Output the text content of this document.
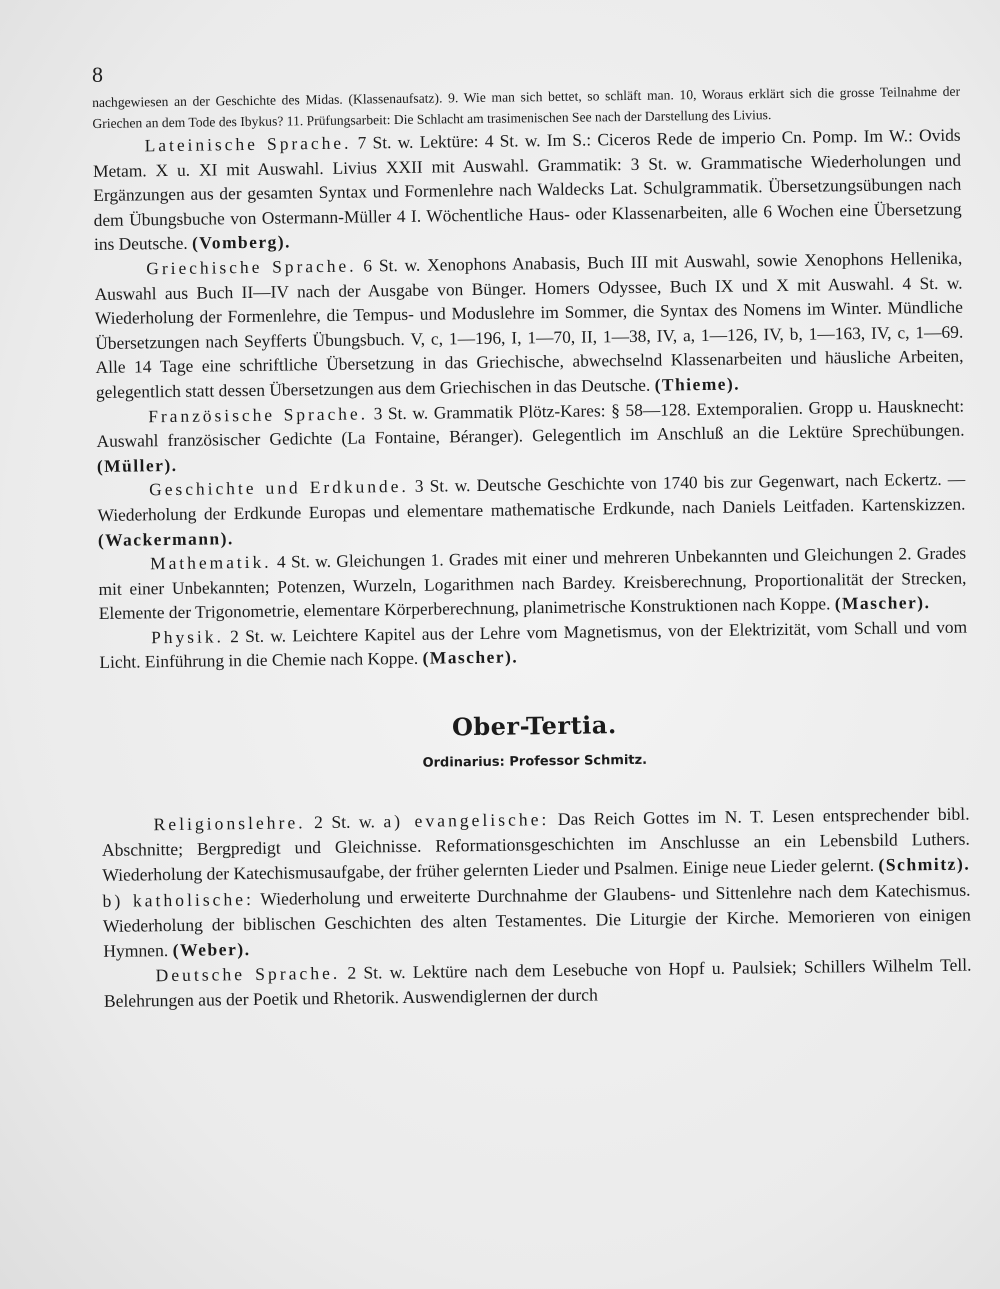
8

nachgewiesen an der Geschichte des Midas. (Klassenaufsatz). 9. Wie man sich bettet, so schläft man. 10, Woraus erklärt sich die grosse Teilnahme der Griechen an dem Tode des Ibykus? 11. Prüfungsarbeit: Die Schlacht am trasimenischen See nach der Darstellung des Livius.

Lateinische Sprache. 7 St. w. Lektüre: 4 St. w. Im S.: Ciceros Rede de imperio Cn. Pomp. Im W.: Ovids Metam. X u. XI mit Auswahl. Livius XXII mit Auswahl. Grammatik: 3 St. w. Grammatische Wiederholungen und Ergänzungen aus der gesamten Syntax und Formenlehre nach Waldecks Lat. Schulgrammatik. Übersetzungsübungen nach dem Übungsbuche von Ostermann-Müller 4 I. Wöchentliche Haus- oder Klassenarbeiten, alle 6 Wochen eine Übersetzung ins Deutsche. (Vomberg).

Griechische Sprache. 6 St. w. Xenophons Anabasis, Buch III mit Auswahl, sowie Xenophons Hellenika, Auswahl aus Buch II—IV nach der Ausgabe von Bünger. Homers Odyssee, Buch IX und X mit Auswahl. 4 St. w. Wiederholung der Formenlehre, die Tempus- und Moduslehre im Sommer, die Syntax des Nomens im Winter. Mündliche Übersetzungen nach Seyfferts Übungsbuch. V, c, 1—196, I, 1—70, II, 1—38, IV, a, 1—126, IV, b, 1—163, IV, c, 1—69. Alle 14 Tage eine schriftliche Übersetzung in das Griechische, abwechselnd Klassenarbeiten und häusliche Arbeiten, gelegentlich statt dessen Übersetzungen aus dem Griechischen in das Deutsche. (Thieme).

Französische Sprache. 3 St. w. Grammatik Plötz-Kares: § 58—128. Extemporalien. Gropp u. Hausknecht: Auswahl französischer Gedichte (La Fontaine, Béranger). Gelegentlich im Anschluß an die Lektüre Sprechübungen. (Müller).

Geschichte und Erdkunde. 3 St. w. Deutsche Geschichte von 1740 bis zur Gegenwart, nach Eckertz. — Wiederholung der Erdkunde Europas und elementare mathematische Erdkunde, nach Daniels Leitfaden. Kartenskizzen. (Wackermann).

Mathematik. 4 St. w. Gleichungen 1. Grades mit einer und mehreren Unbekannten und Gleichungen 2. Grades mit einer Unbekannten; Potenzen, Wurzeln, Logarithmen nach Bardey. Kreisberechnung, Proportionalität der Strecken, Elemente der Trigonometrie, elementare Körperberechnung, planimetrische Konstruktionen nach Koppe. (Mascher).

Physik. 2 St. w. Leichtere Kapitel aus der Lehre vom Magnetismus, von der Elektrizität, vom Schall und vom Licht. Einführung in die Chemie nach Koppe. (Mascher).

Ober-Tertia.
Ordinarius: Professor Schmitz.

Religionslehre. 2 St. w. a) evangelische: Das Reich Gottes im N. T. Lesen entsprechender bibl. Abschnitte; Bergpredigt und Gleichnisse. Reformationsgeschichten im Anschlusse an ein Lebensbild Luthers. Wiederholung der Katechismusaufgabe, der früher gelernten Lieder und Psalmen. Einige neue Lieder gelernt. (Schmitz). b) katholische: Wiederholung und erweiterte Durchnahme der Glaubens- und Sittenlehre nach dem Katechismus. Wiederholung der biblischen Geschichten des alten Testamentes. Die Liturgie der Kirche. Memorieren von einigen Hymnen. (Weber).

Deutsche Sprache. 2 St. w. Lektüre nach dem Lesebuche von Hopf u. Paulsiek; Schillers Wilhelm Tell. Belehrungen aus der Poetik und Rhetorik. Auswendiglernen der durch
